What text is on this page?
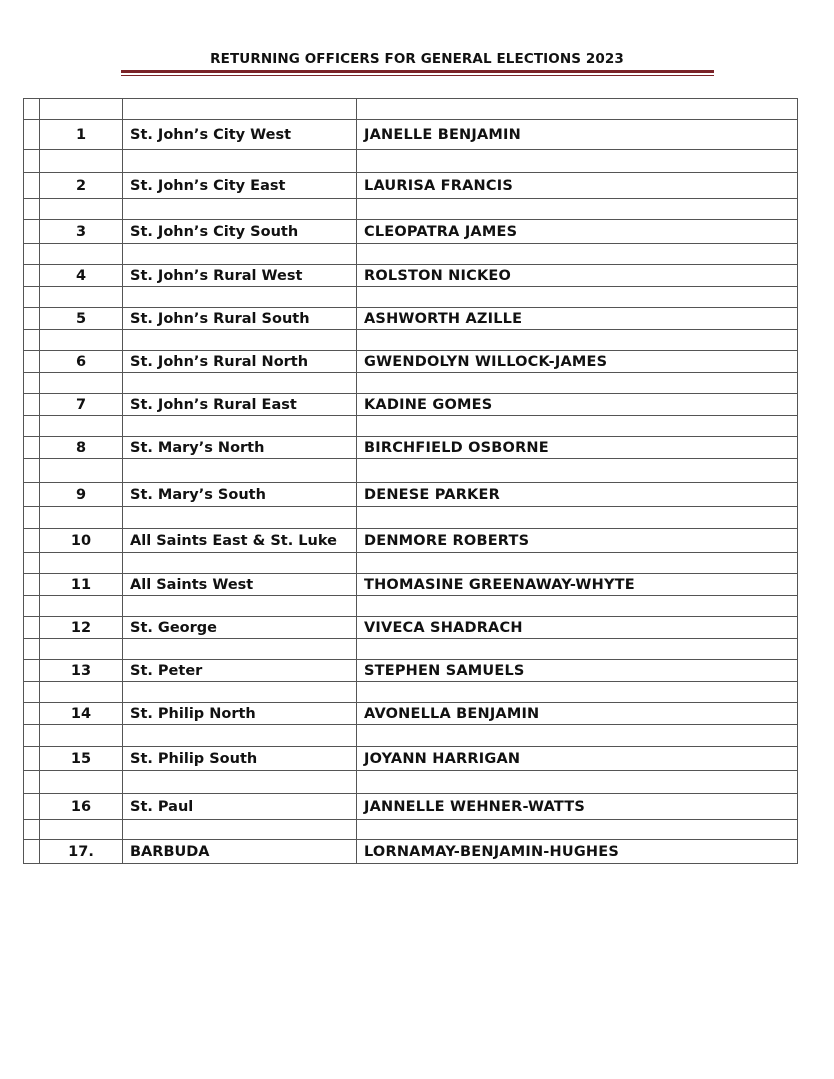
RETURNING OFFICERS FOR GENERAL ELECTIONS 2023

	1	St. John’s City West	JANELLE BENJAMIN

	2	St. John’s City East	LAURISA FRANCIS

	3	St. John’s City South	CLEOPATRA JAMES

	4	St. John’s Rural West	ROLSTON NICKEO

	5	St. John’s Rural South	ASHWORTH AZILLE

	6	St. John’s Rural North	GWENDOLYN WILLOCK-JAMES

	7	St. John’s Rural East	KADINE GOMES

	8	St. Mary’s North	BIRCHFIELD OSBORNE

	9	St. Mary’s South	DENESE PARKER

	10	All Saints East & St. Luke	DENMORE ROBERTS

	11	All Saints West	THOMASINE GREENAWAY-WHYTE

	12	St. George	VIVECA SHADRACH

	13	St. Peter	STEPHEN SAMUELS

	14	St. Philip North	AVONELLA BENJAMIN

	15	St. Philip South	JOYANN HARRIGAN

	16	St. Paul	JANNELLE WEHNER-WATTS

	17.	BARBUDA	LORNAMAY-BENJAMIN-HUGHES
